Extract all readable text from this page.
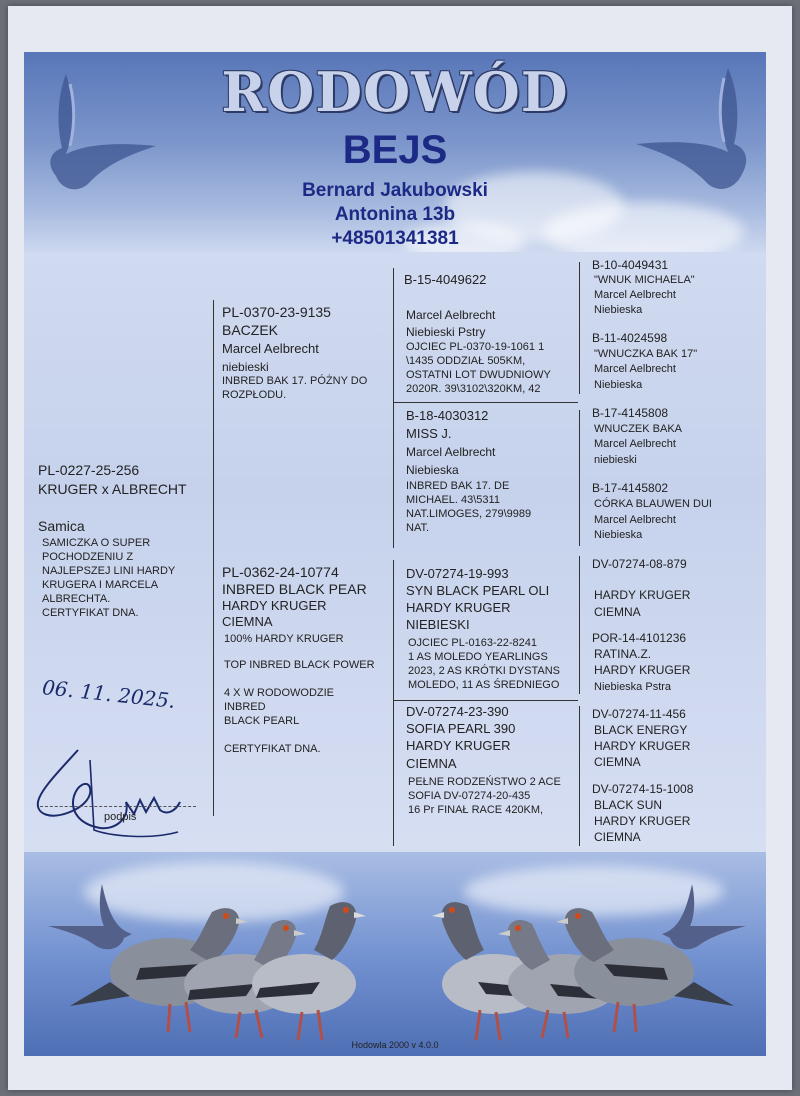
RODOWÓD
BEJS
Bernard Jakubowski
Antonina 13b
+48501341381
PL-0227-25-256
KRUGER x ALBRECHT
Samica
SAMICZKA O SUPER
POCHODZENIU Z
NAJLEPSZEJ LINI HARDY
KRUGERA I MARCELA
ALBRECHTA.
CERTYFIKAT DNA.
PL-0370-23-9135
BACZEK
Marcel Aelbrecht
niebieski
INBRED BAK 17. PÓŻNY DO
ROZPŁODU.
PL-0362-24-10774
INBRED BLACK PEAR
HARDY KRUGER
CIEMNA
100% HARDY KRUGER
TOP INBRED BLACK POWER
4 X W RODOWODZIE
INBRED
BLACK PEARL
CERTYFIKAT DNA.
B-15-4049622
Marcel Aelbrecht
Niebieski Pstry
OJCIEC PL-0370-19-1061 1
\1435 ODDZIAŁ 505KM,
OSTATNI LOT DWUDNIOWY
2020R. 39\3102\320KM, 42
B-18-4030312
MISS J.
Marcel Aelbrecht
Niebieska
INBRED BAK 17. DE
MICHAEL. 43\5311
NAT.LIMOGES, 279\9989
NAT.
DV-07274-19-993
SYN BLACK PEARL OLI
HARDY KRUGER
NIEBIESKI
OJCIEC PL-0163-22-8241
1 AS MOLEDO YEARLINGS
2023, 2 AS KRÓTKI DYSTANS
MOLEDO, 11 AS ŚREDNIEGO
DV-07274-23-390
SOFIA PEARL 390
HARDY KRUGER
CIEMNA
PEŁNE RODZEŃSTWO 2 ACE
SOFIA DV-07274-20-435
16 Pr FINAŁ RACE 420KM,
B-10-4049431
"WNUK MICHAELA"
Marcel Aelbrecht
Niebieska
B-11-4024598
"WNUCZKA BAK 17"
Marcel Aelbrecht
Niebieska
B-17-4145808
WNUCZEK BAKA
Marcel Aelbrecht
niebieski
B-17-4145802
CÓRKA BLAUWEN DUI
Marcel Aelbrecht
Niebieska
DV-07274-08-879
HARDY KRUGER
CIEMNA
POR-14-4101236
RATINA.Z.
HARDY KRUGER
Niebieska Pstra
DV-07274-11-456
BLACK ENERGY
HARDY KRUGER
CIEMNA
DV-07274-15-1008
BLACK SUN
HARDY KRUGER
CIEMNA
06. 11. 2025.
podpis
Hodowla 2000 v 4.0.0
